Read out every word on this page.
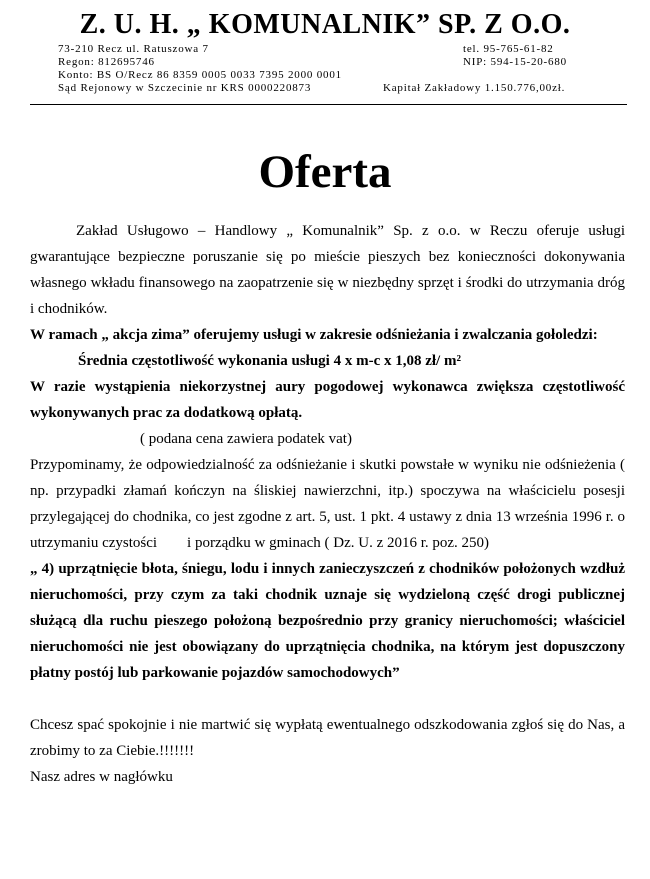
Z. U. H. „ KOMUNALNIK” SP. Z O.O.
73-210 Recz ul. Ratuszowa 7	tel. 95-765-61-82
Regon: 812695746	NIP: 594-15-20-680
Konto: BS O/Recz 86 8359 0005 0033 7395 2000 0001
Sąd Rejonowy w Szczecinie nr KRS 0000220873	Kapitał Zakładowy 1.150.776,00zł.
Oferta

Zakład Usługowo – Handlowy „ Komunalnik” Sp. z o.o. w Reczu oferuje usługi gwarantujące bezpieczne poruszanie się po mieście pieszych bez konieczności dokonywania własnego wkładu finansowego na zaopatrzenie się w niezbędny sprzęt i środki do utrzymania dróg i chodników.

W ramach „ akcja zima” oferujemy usługi w zakresie odśnieżania i zwalczania gołoledzi:

Średnia częstotliwość wykonania usługi 4 x m-c x 1,08 zł/ m²

W razie wystąpienia niekorzystnej aury pogodowej wykonawca zwiększa częstotliwość wykonywanych prac za dodatkową opłatą.

( podana cena zawiera podatek vat)

Przypominamy, że odpowiedzialność za odśnieżanie i skutki powstałe w wyniku nie odśnieżenia ( np. przypadki złamań kończyn na śliskiej nawierzchni, itp.) spoczywa na właścicielu posesji przylegającej do chodnika, co jest zgodne z art. 5, ust. 1 pkt. 4 ustawy z dnia 13 września 1996 r. o utrzymaniu czystości        i porządku w gminach ( Dz. U. z 2016 r. poz. 250)

„ 4) uprzątnięcie błota, śniegu, lodu i innych zanieczyszczeń z chodników położonych wzdłuż nieruchomości, przy czym za taki chodnik uznaje się wydzieloną część drogi publicznej służącą dla ruchu pieszego położoną bezpośrednio przy granicy nieruchomości; właściciel nieruchomości nie jest obowiązany do uprzątnięcia chodnika, na którym jest dopuszczony płatny postój lub parkowanie pojazdów samochodowych”

Chcesz spać spokojnie i nie martwić się wypłatą ewentualnego odszkodowania zgłoś się do Nas, a zrobimy to za Ciebie.!!!!!!!

Nasz adres w nagłówku
